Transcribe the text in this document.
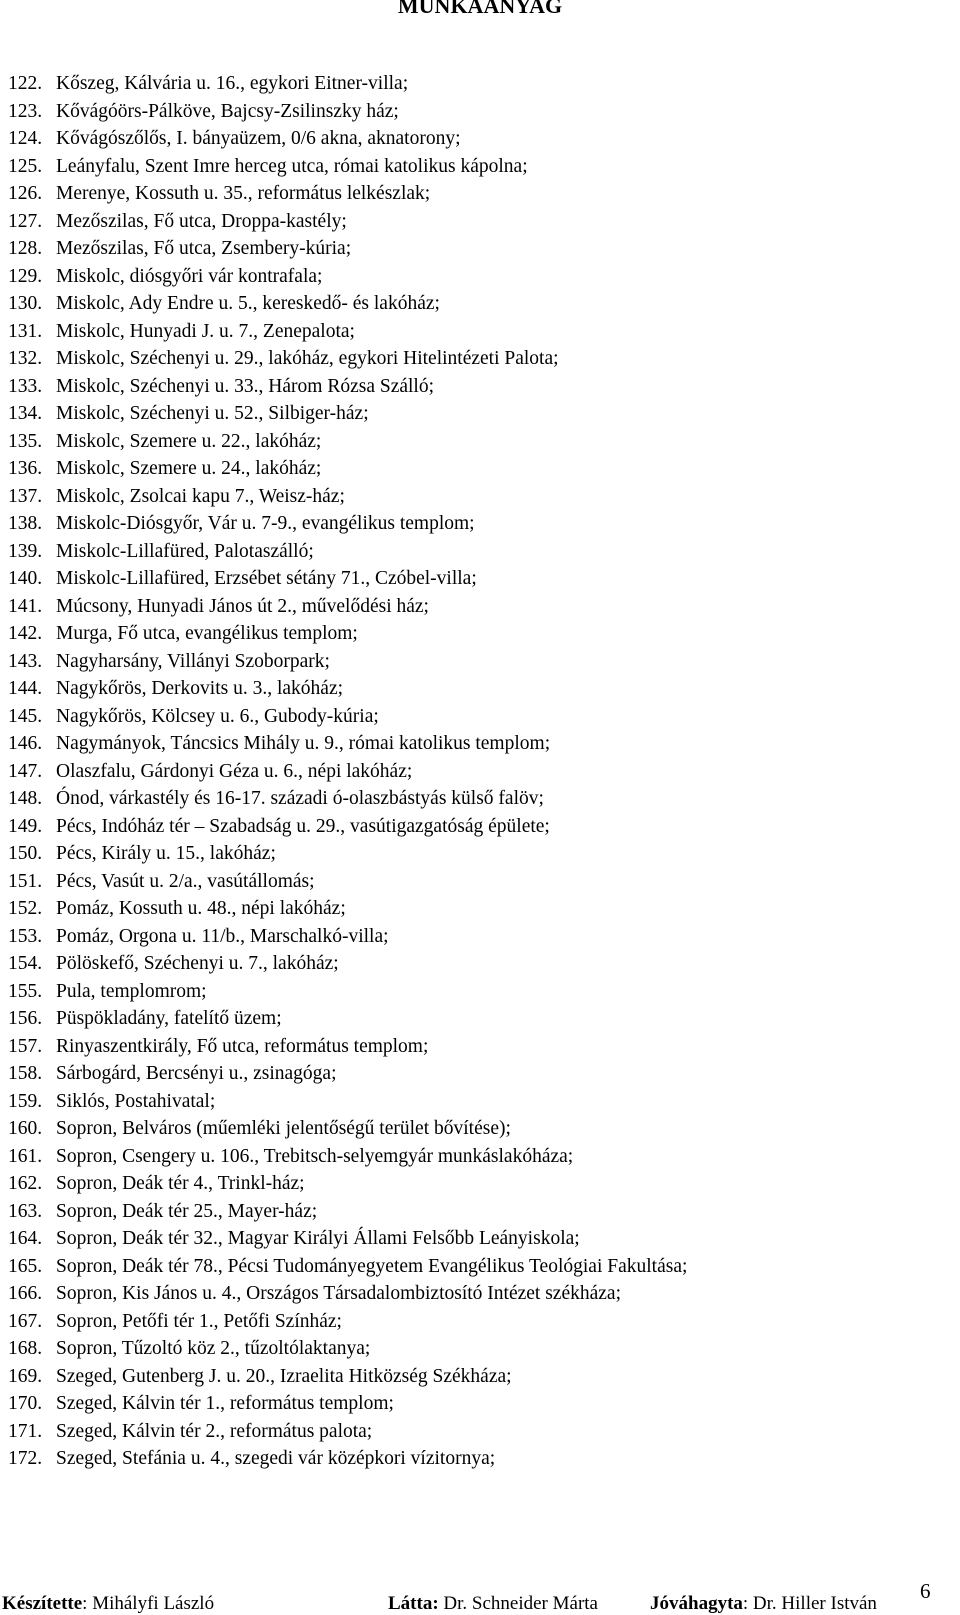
MUNKAANYAG
122. Kőszeg, Kálvária u. 16., egykori Eitner-villa;
123. Kővágóörs-Pálköve, Bajcsy-Zsilinszky ház;
124. Kővágószőlős, I. bányaüzem, 0/6 akna, aknatorony;
125. Leányfalu, Szent Imre herceg utca, római katolikus kápolna;
126. Merenye, Kossuth u. 35., református lelkészlak;
127. Mezőszilas, Fő utca, Droppa-kastély;
128. Mezőszilas, Fő utca, Zsembery-kúria;
129. Miskolc, diósgyőri vár kontrafala;
130. Miskolc, Ady Endre u. 5., kereskedő- és lakóház;
131. Miskolc, Hunyadi J. u. 7., Zenepalota;
132. Miskolc, Széchenyi u. 29., lakóház, egykori Hitelintézeti Palota;
133. Miskolc, Széchenyi u. 33., Három Rózsa Szálló;
134. Miskolc, Széchenyi u. 52., Silbiger-ház;
135. Miskolc, Szemere u. 22., lakóház;
136. Miskolc, Szemere u. 24., lakóház;
137. Miskolc, Zsolcai kapu 7., Weisz-ház;
138. Miskolc-Diósgyőr, Vár u. 7-9., evangélikus templom;
139. Miskolc-Lillafüred, Palotaszálló;
140. Miskolc-Lillafüred, Erzsébet sétány 71., Czóbel-villa;
141. Múcsony, Hunyadi János út 2., művelődési ház;
142. Murga, Fő utca, evangélikus templom;
143. Nagyharsány, Villányi Szoborpark;
144. Nagykőrös, Derkovits u. 3., lakóház;
145. Nagykőrös, Kölcsey u. 6., Gubody-kúria;
146. Nagymányok, Táncsics Mihály u. 9., római katolikus templom;
147. Olaszfalu, Gárdonyi Géza u. 6., népi lakóház;
148. Ónod, várkastély és 16-17. századi ó-olaszbástyás külső falöv;
149. Pécs, Indóház tér – Szabadság u. 29., vasútigazgatóság épülete;
150. Pécs, Király u. 15., lakóház;
151. Pécs, Vasút u. 2/a., vasútállomás;
152. Pomáz, Kossuth u. 48., népi lakóház;
153. Pomáz, Orgona u. 11/b., Marschalkó-villa;
154. Pölöskefő, Széchenyi u. 7., lakóház;
155. Pula, templomrom;
156. Püspökladány, fatelítő üzem;
157. Rinyaszentkirály, Fő utca, református templom;
158. Sárbogárd, Bercsényi u., zsinagóga;
159. Siklós, Postahivatal;
160. Sopron, Belváros (műemléki jelentőségű terület bővítése);
161. Sopron, Csengery u. 106., Trebitsch-selyemgyár munkáslakóháza;
162. Sopron, Deák tér 4., Trinkl-ház;
163. Sopron, Deák tér 25., Mayer-ház;
164. Sopron, Deák tér 32., Magyar Királyi Állami Felsőbb Leányiskola;
165. Sopron, Deák tér 78., Pécsi Tudományegyetem Evangélikus Teológiai Fakultása;
166. Sopron, Kis János u. 4., Országos Társadalombiztosító Intézet székháza;
167. Sopron, Petőfi tér 1., Petőfi Színház;
168. Sopron, Tűzoltó köz 2., tűzoltólaktanya;
169. Szeged, Gutenberg J. u. 20., Izraelita Hitközség Székháza;
170. Szeged, Kálvin tér 1., református templom;
171. Szeged, Kálvin tér 2., református palota;
172. Szeged, Stefánia u. 4., szegedi vár középkori vízitornya;
Készítette: Mihályfi László	Látta: Dr. Schneider Márta	Jóváhagyta: Dr. Hiller István
6
